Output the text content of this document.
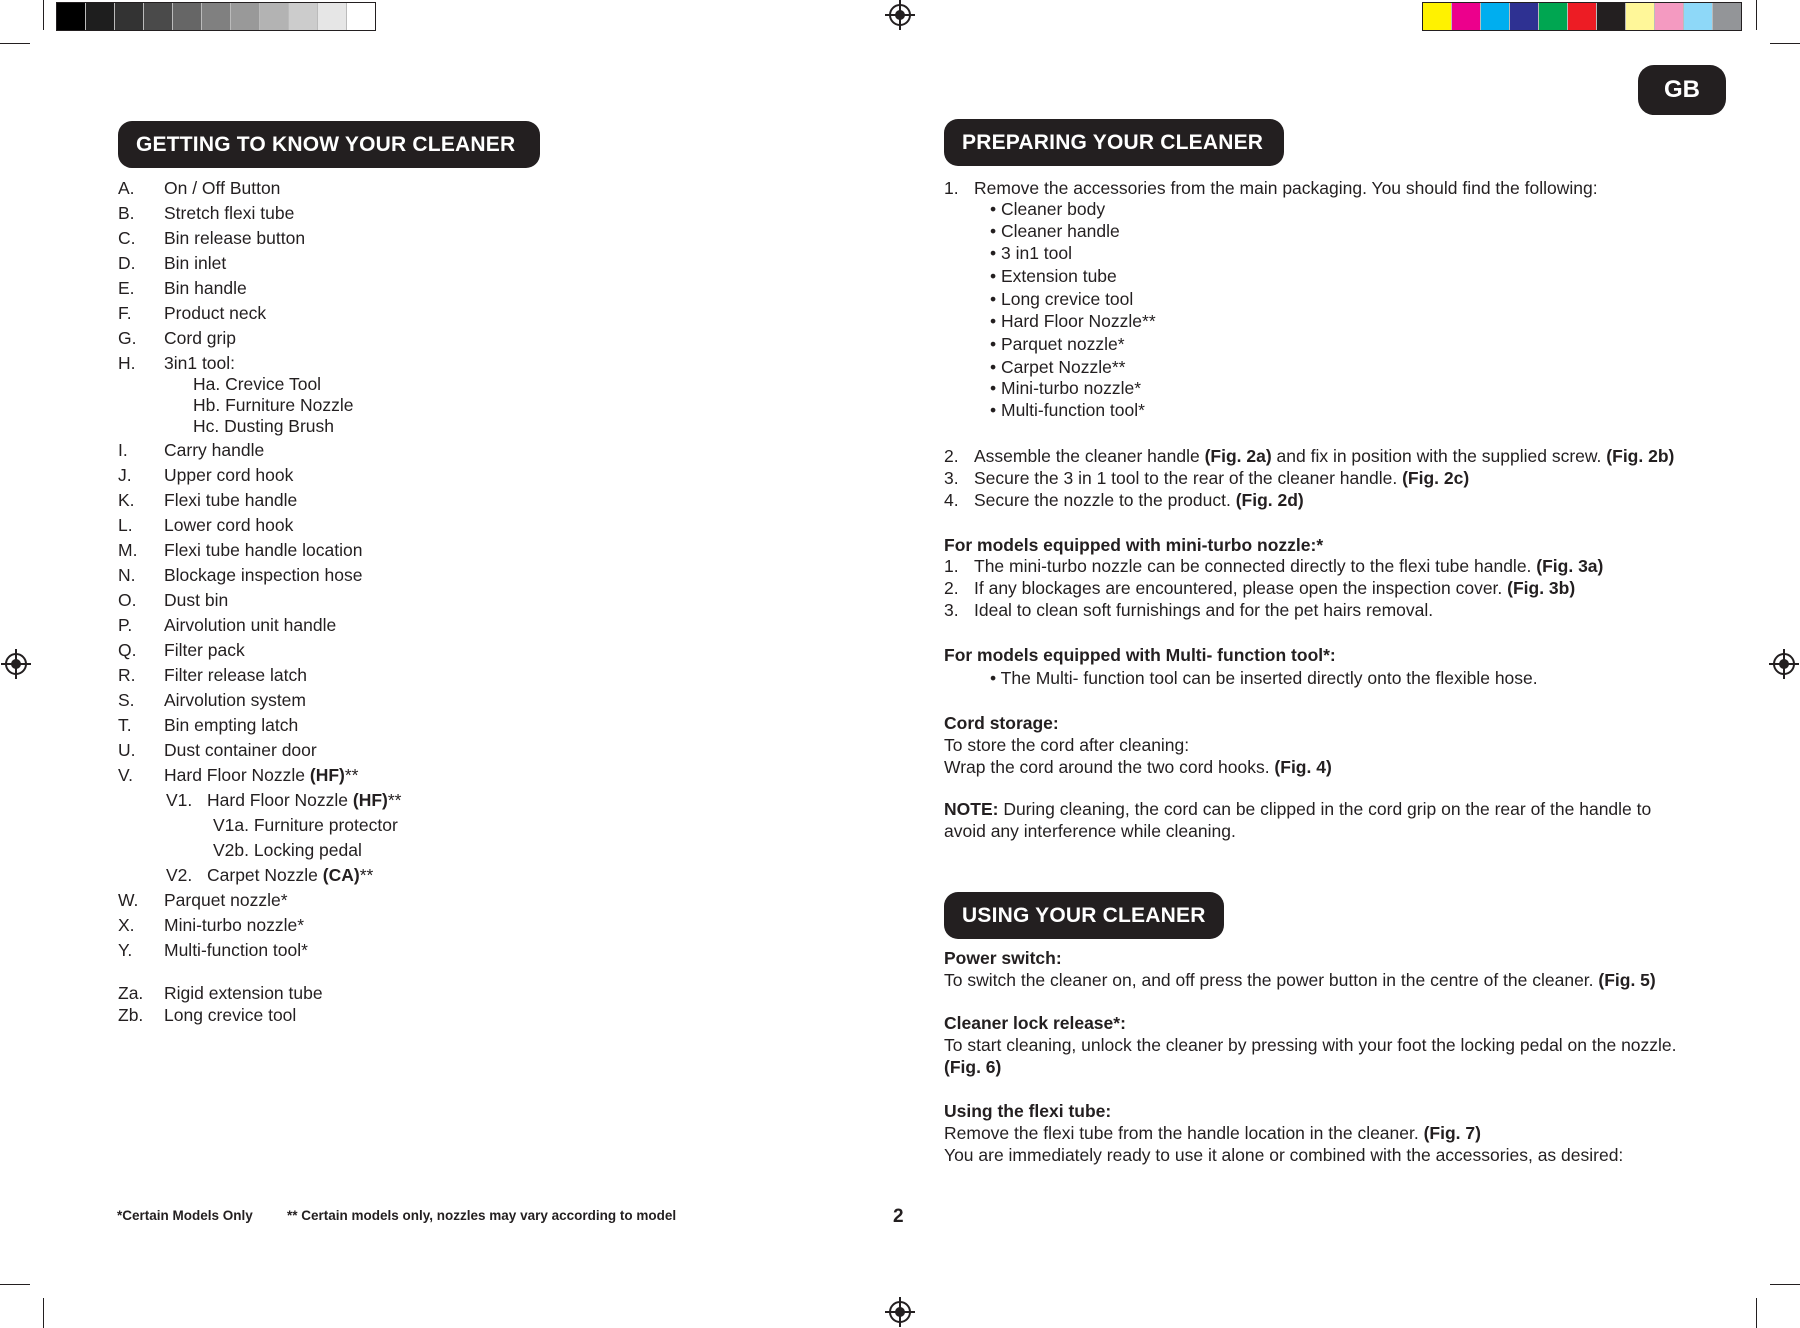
GB
GETTING TO KNOW YOUR CLEANER
A. On / Off Button
B. Stretch flexi tube
C. Bin release button
D. Bin inlet
E. Bin handle
F. Product neck
G. Cord grip
H. 3in1 tool:
Ha. Crevice Tool
Hb. Furniture Nozzle
Hc. Dusting Brush
I. Carry handle
J. Upper cord hook
K. Flexi tube handle
L. Lower cord hook
M. Flexi tube handle location
N. Blockage inspection hose
O. Dust bin
P. Airvolution unit handle
Q. Filter pack
R. Filter release latch
S. Airvolution system
T. Bin empting latch
U. Dust container door
V. Hard Floor Nozzle (HF)**
V1. Hard Floor Nozzle (HF)**
V1a. Furniture protector
V2b. Locking pedal
V2. Carpet Nozzle (CA)**
W. Parquet nozzle*
X. Mini-turbo nozzle*
Y. Multi-function tool*
Za. Rigid extension tube
Zb. Long crevice tool
PREPARING YOUR CLEANER
1. Remove the accessories from the main packaging. You should find the following:
• Cleaner body
• Cleaner handle
• 3 in1 tool
• Extension tube
• Long crevice tool
• Hard Floor Nozzle**
• Parquet nozzle*
• Carpet Nozzle**
• Mini-turbo nozzle*
• Multi-function tool*
2. Assemble the cleaner handle (Fig. 2a) and fix in position with the supplied screw. (Fig. 2b)
3. Secure the 3 in 1 tool to the rear of the cleaner handle. (Fig. 2c)
4. Secure the nozzle to the product. (Fig. 2d)
For models equipped with mini-turbo nozzle:*
1. The mini-turbo nozzle can be connected directly to the flexi tube handle. (Fig. 3a)
2. If any blockages are encountered, please open the inspection cover. (Fig. 3b)
3. Ideal to clean soft furnishings and for the pet hairs removal.
For models equipped with Multi- function tool*:
• The Multi- function tool can be inserted directly onto the flexible hose.
Cord storage:
To store the cord after cleaning:
Wrap the cord around the two cord hooks. (Fig. 4)
NOTE: During cleaning, the cord can be clipped in the cord grip on the rear of the handle to
avoid any interference while cleaning.
USING YOUR CLEANER
Power switch:
To switch the cleaner on, and off press the power button in the centre of the cleaner. (Fig. 5)
Cleaner lock release*:
To start cleaning, unlock the cleaner by pressing with your foot the locking pedal on the nozzle.
(Fig. 6)
Using the flexi tube:
Remove the flexi tube from the handle location in the cleaner. (Fig. 7)
You are immediately ready to use it alone or combined with the accessories, as desired:
*Certain Models Only	** Certain models only, nozzles may vary according to model	2
